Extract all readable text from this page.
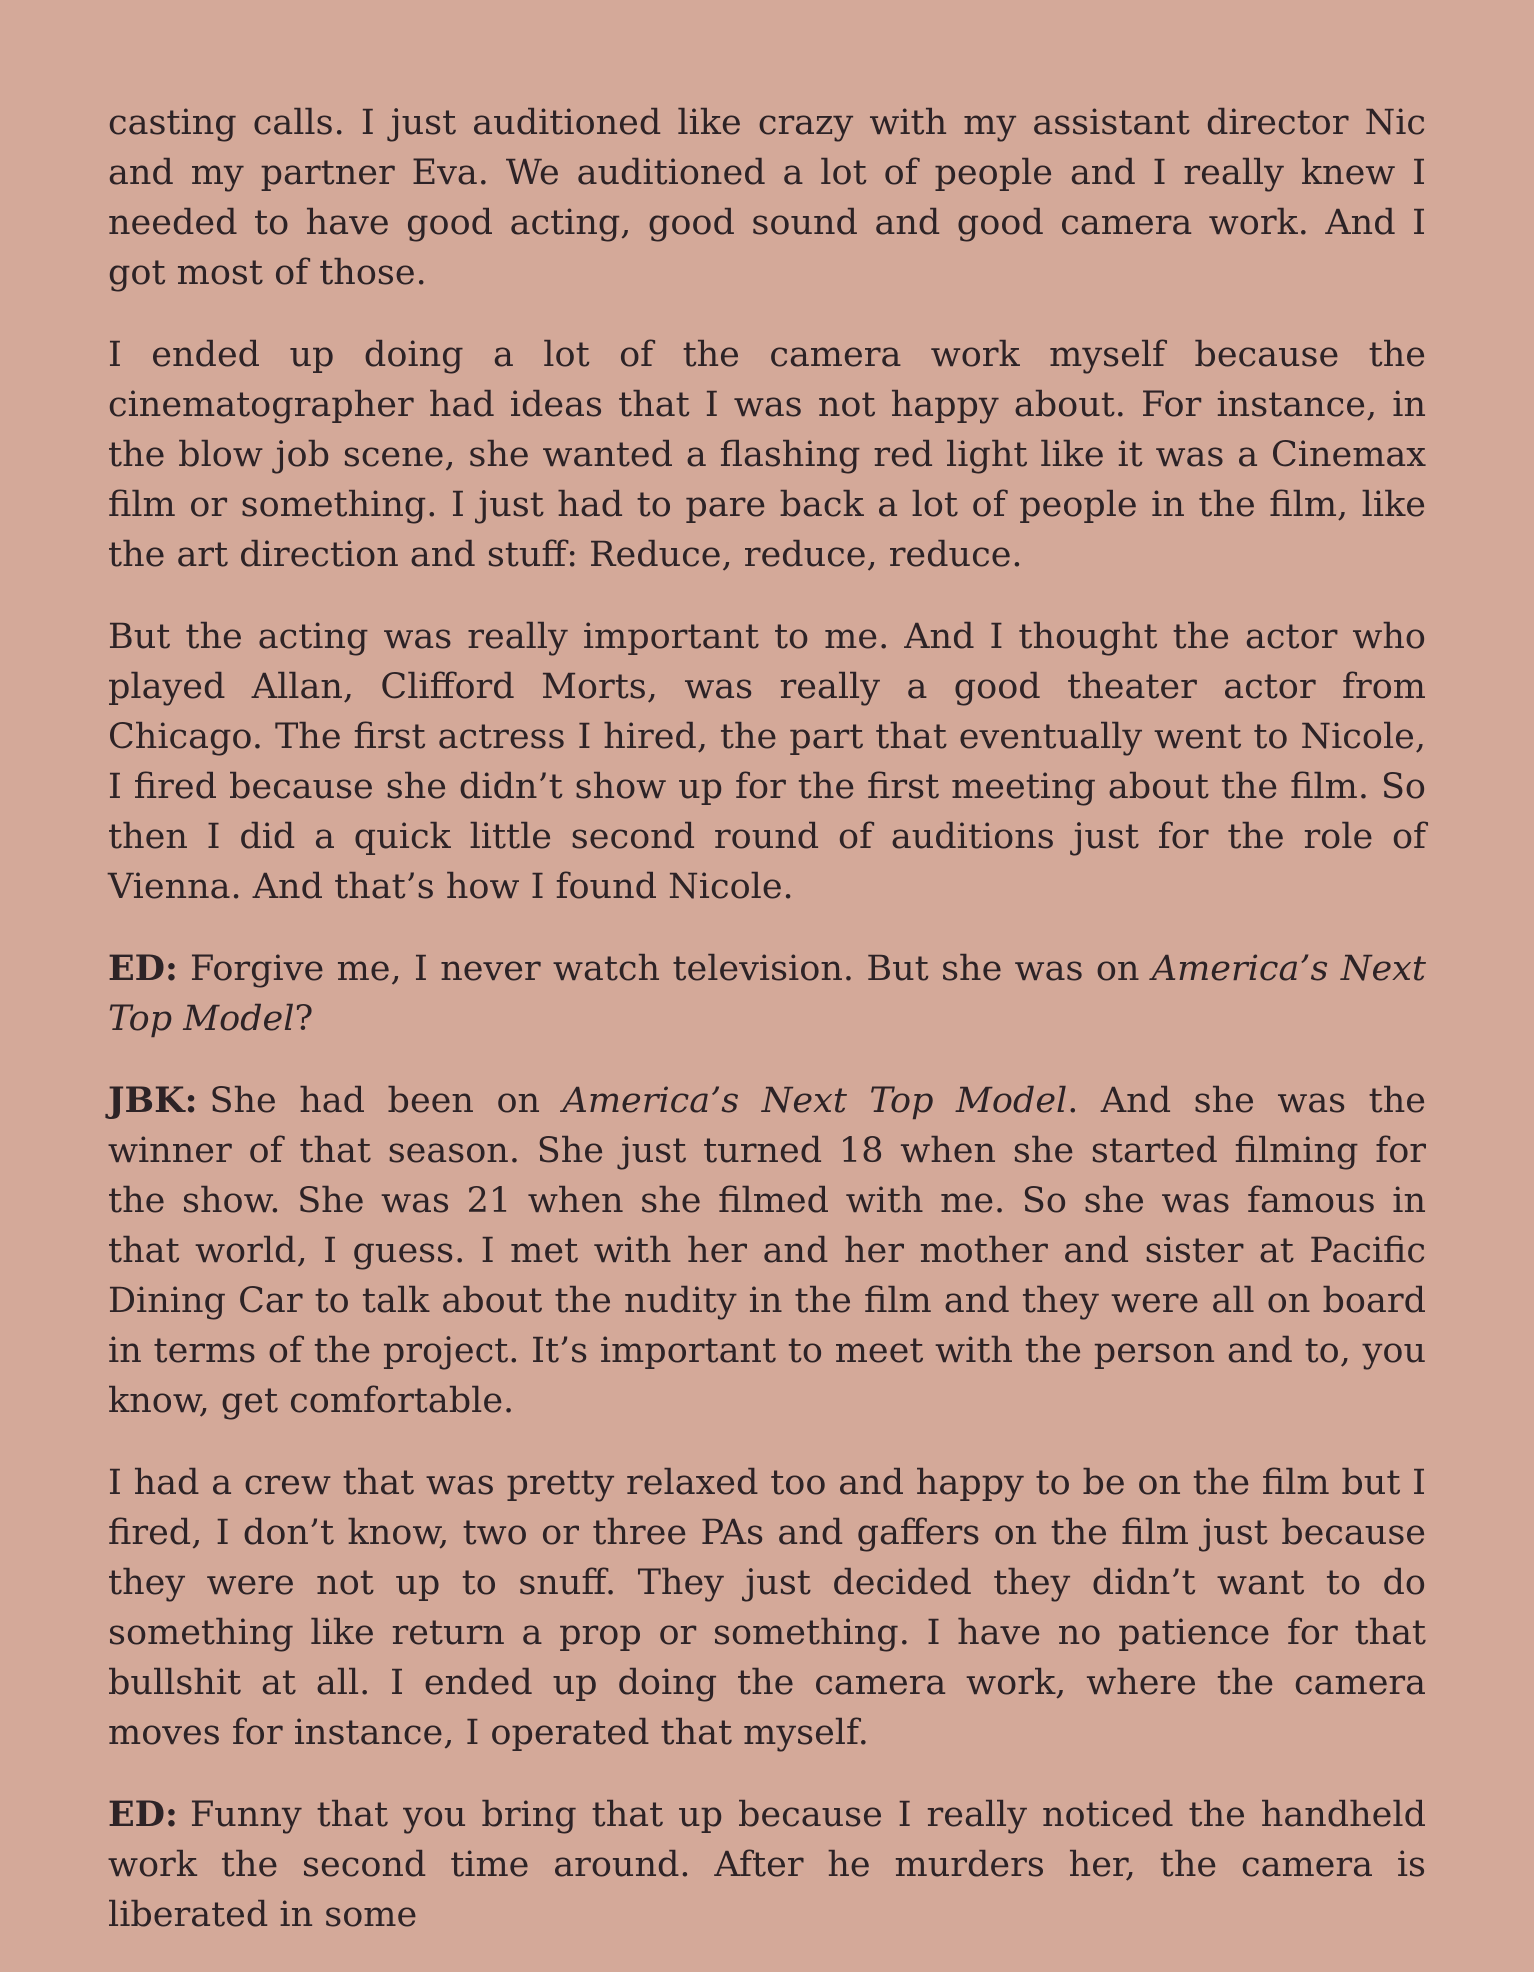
casting calls. I just auditioned like crazy with my assistant director Nic and my partner Eva. We auditioned a lot of people and I really knew I needed to have good acting, good sound and good camera work. And I got most of those.

I ended up doing a lot of the camera work myself because the cinematographer had ideas that I was not happy about. For instance, in the blow job scene, she wanted a flashing red light like it was a Cinemax film or something. I just had to pare back a lot of people in the film, like the art direction and stuff: Reduce, reduce, reduce.

But the acting was really important to me. And I thought the actor who played Allan, Clifford Morts, was really a good theater actor from Chicago. The first actress I hired, the part that eventually went to Nicole, I fired because she didn’t show up for the first meeting about the film. So then I did a quick little second round of auditions just for the role of Vienna. And that’s how I found Nicole.

ED: Forgive me, I never watch television. But she was on America’s Next Top Model?

JBK: She had been on America’s Next Top Model. And she was the winner of that season. She just turned 18 when she started filming for the show. She was 21 when she filmed with me. So she was famous in that world, I guess. I met with her and her mother and sister at Pacific Dining Car to talk about the nudity in the film and they were all on board in terms of the project. It’s important to meet with the person and to, you know, get comfortable.

I had a crew that was pretty relaxed too and happy to be on the film but I fired, I don’t know, two or three PAs and gaffers on the film just because they were not up to snuff. They just decided they didn’t want to do something like return a prop or something. I have no patience for that bullshit at all. I ended up doing the camera work, where the camera moves for instance, I operated that myself.

ED: Funny that you bring that up because I really noticed the handheld work the second time around. After he murders her, the camera is liberated in some
